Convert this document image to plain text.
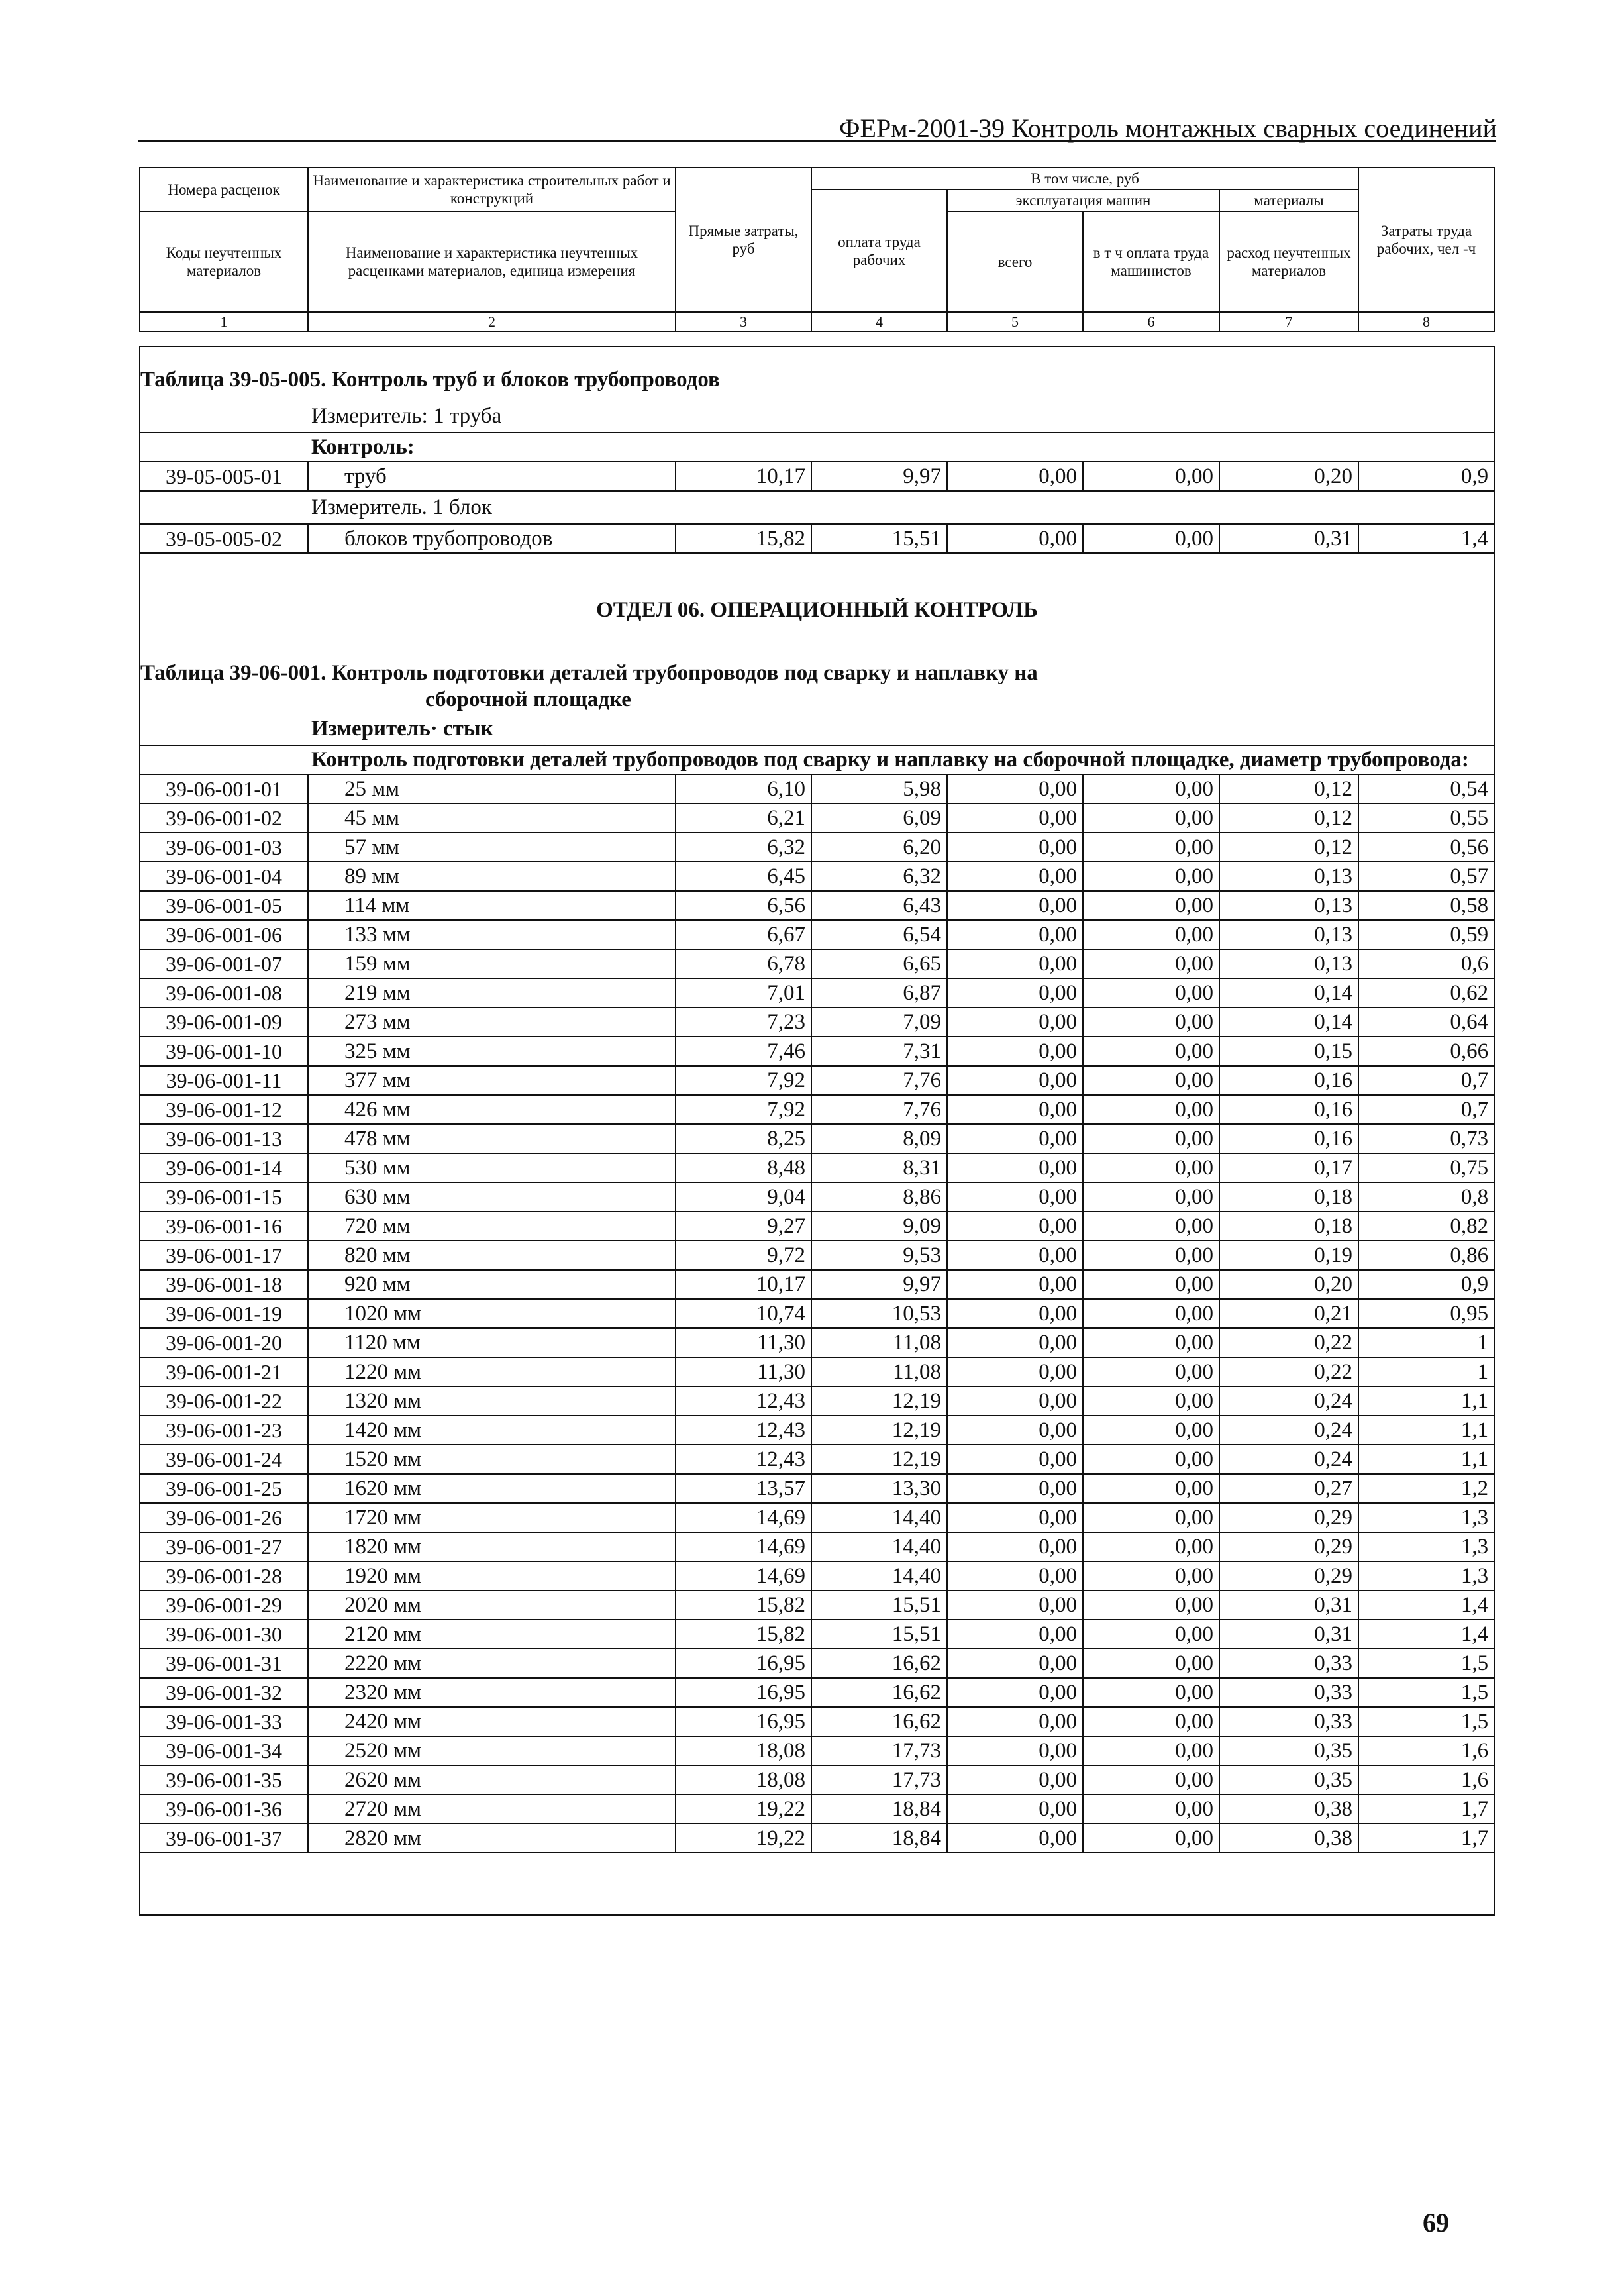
ФЕРм-2001-39 Контроль монтажных сварных соединений
Номера расценок	Наименование и характеристика строительных работ и конструкций	Прямые затраты, руб	В том числе, руб				Затраты труда рабочих, чел -ч
			оплата труда рабочих	эксплуатация машин		материалы	
Коды неучтенных материалов	Наименование и характеристика неучтенных расценками материалов, единица измерения			всего	в т ч оплата труда машинистов	расход неучтенных материалов	

1	2	3	4	5	6	7	8
Таблица 39-05-005. Контроль труб и блоков трубопроводов							
Измеритель: 1 труба							
Контроль:							
39-05-005-01	труб	10,17	9,97	0,00	0,00	0,20	0,9
Измеритель. 1 блок							
39-05-005-02	блоков трубопроводов	15,82	15,51	0,00	0,00	0,31	1,4
ОТДЕЛ 06. ОПЕРАЦИОННЫЙ КОНТРОЛЬ							

Таблица 39-06-001. Контроль подготовки деталей трубопроводов под сварку и наплавку на
сборочной площадке							

Измеритель· стык							
Контроль подготовки деталей трубопроводов под сварку и наплавку на сборочной площадке, диаметр трубопровода:							
39-06-001-01	25 мм	6,10	5,98	0,00	0,00	0,12	0,54
39-06-001-02	45 мм	6,21	6,09	0,00	0,00	0,12	0,55
39-06-001-03	57 мм	6,32	6,20	0,00	0,00	0,12	0,56
39-06-001-04	89 мм	6,45	6,32	0,00	0,00	0,13	0,57
39-06-001-05	114 мм	6,56	6,43	0,00	0,00	0,13	0,58
39-06-001-06	133 мм	6,67	6,54	0,00	0,00	0,13	0,59
39-06-001-07	159 мм	6,78	6,65	0,00	0,00	0,13	0,6
39-06-001-08	219 мм	7,01	6,87	0,00	0,00	0,14	0,62
39-06-001-09	273 мм	7,23	7,09	0,00	0,00	0,14	0,64
39-06-001-10	325 мм	7,46	7,31	0,00	0,00	0,15	0,66
39-06-001-11	377 мм	7,92	7,76	0,00	0,00	0,16	0,7
39-06-001-12	426 мм	7,92	7,76	0,00	0,00	0,16	0,7
39-06-001-13	478 мм	8,25	8,09	0,00	0,00	0,16	0,73
39-06-001-14	530 мм	8,48	8,31	0,00	0,00	0,17	0,75
39-06-001-15	630 мм	9,04	8,86	0,00	0,00	0,18	0,8
39-06-001-16	720 мм	9,27	9,09	0,00	0,00	0,18	0,82
39-06-001-17	820 мм	9,72	9,53	0,00	0,00	0,19	0,86
39-06-001-18	920 мм	10,17	9,97	0,00	0,00	0,20	0,9
39-06-001-19	1020 мм	10,74	10,53	0,00	0,00	0,21	0,95
39-06-001-20	1120 мм	11,30	11,08	0,00	0,00	0,22	1
39-06-001-21	1220 мм	11,30	11,08	0,00	0,00	0,22	1
39-06-001-22	1320 мм	12,43	12,19	0,00	0,00	0,24	1,1
39-06-001-23	1420 мм	12,43	12,19	0,00	0,00	0,24	1,1
39-06-001-24	1520 мм	12,43	12,19	0,00	0,00	0,24	1,1
39-06-001-25	1620 мм	13,57	13,30	0,00	0,00	0,27	1,2
39-06-001-26	1720 мм	14,69	14,40	0,00	0,00	0,29	1,3
39-06-001-27	1820 мм	14,69	14,40	0,00	0,00	0,29	1,3
39-06-001-28	1920 мм	14,69	14,40	0,00	0,00	0,29	1,3
39-06-001-29	2020 мм	15,82	15,51	0,00	0,00	0,31	1,4
39-06-001-30	2120 мм	15,82	15,51	0,00	0,00	0,31	1,4
39-06-001-31	2220 мм	16,95	16,62	0,00	0,00	0,33	1,5
39-06-001-32	2320 мм	16,95	16,62	0,00	0,00	0,33	1,5
39-06-001-33	2420 мм	16,95	16,62	0,00	0,00	0,33	1,5
39-06-001-34	2520 мм	18,08	17,73	0,00	0,00	0,35	1,6
39-06-001-35	2620 мм	18,08	17,73	0,00	0,00	0,35	1,6
39-06-001-36	2720 мм	19,22	18,84	0,00	0,00	0,38	1,7
39-06-001-37	2820 мм	19,22	18,84	0,00	0,00	0,38	1,7

69
